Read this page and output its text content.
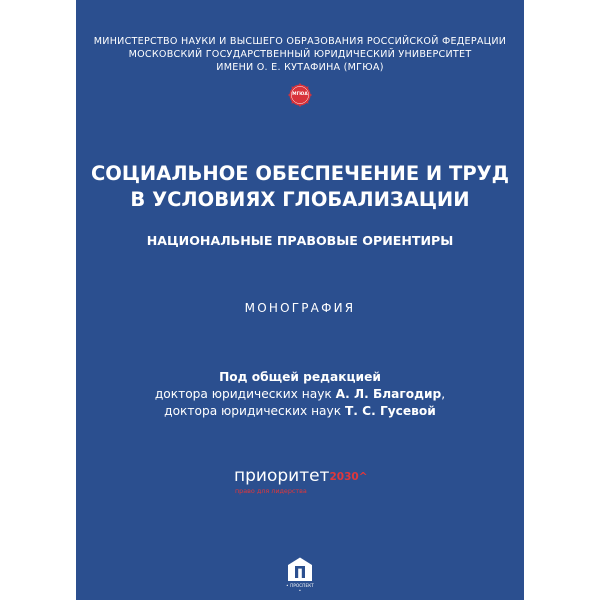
МИНИСТЕРСТВО НАУКИ И ВЫСШЕГО ОБРАЗОВАНИЯ РОССИЙСКОЙ ФЕДЕРАЦИИ
МОСКОВСКИЙ ГОСУДАРСТВЕННЫЙ ЮРИДИЧЕСКИЙ УНИВЕРСИТЕТ
ИМЕНИ О. Е. КУТАФИНА (МГЮА)
МГЮА
СОЦИАЛЬНОЕ ОБЕСПЕЧЕНИЕ И ТРУД
В УСЛОВИЯХ ГЛОБАЛИЗАЦИИ
НАЦИОНАЛЬНЫЕ ПРАВОВЫЕ ОРИЕНТИРЫ
МОНОГРАФИЯ
Под общей редакцией
доктора юридических наук А. Л. Благодир,
доктора юридических наук Т. С. Гусевой
приоритет2030^
право для лидерства
• ПРОСПЕКТ •
